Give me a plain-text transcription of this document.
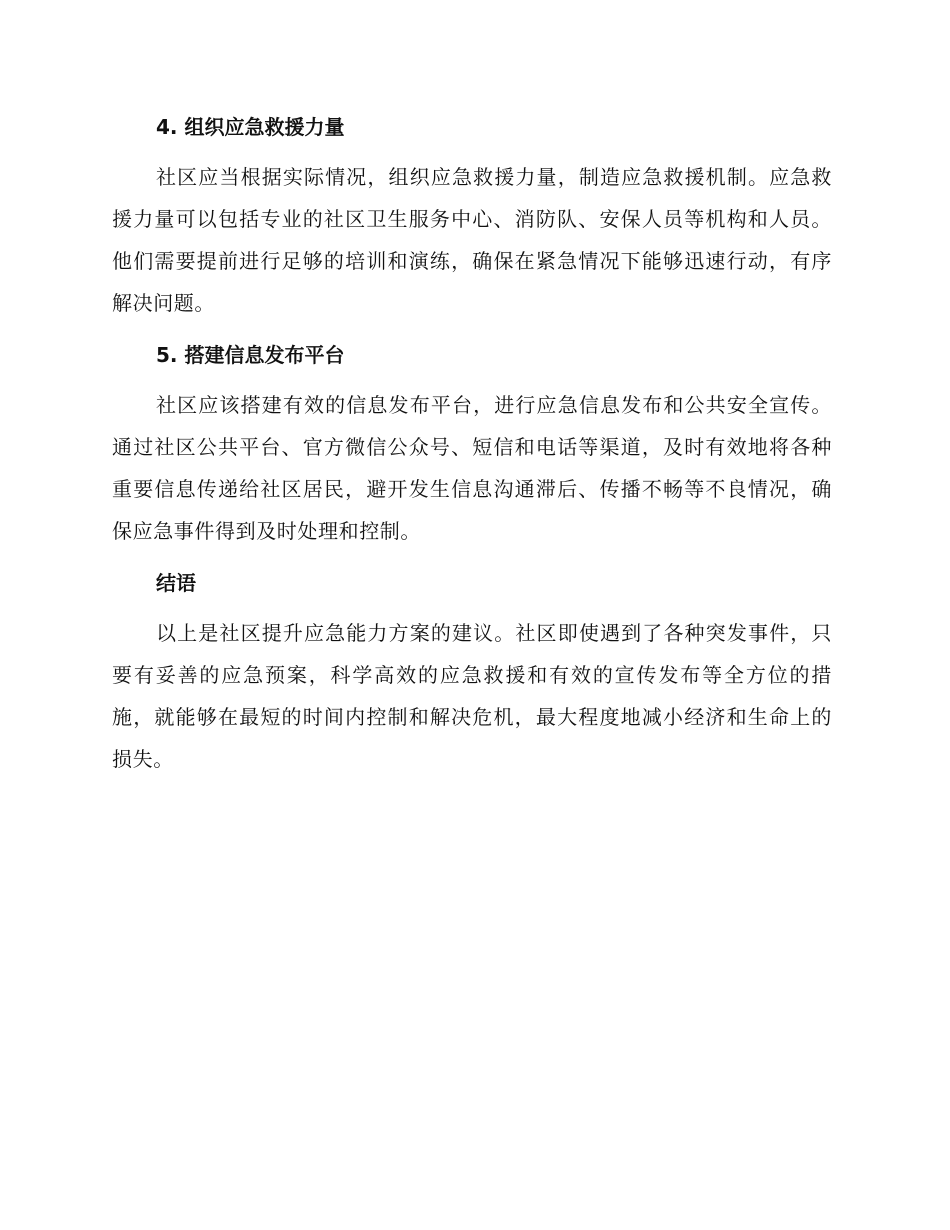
4. 组织应急救援力量

社区应当根据实际情况，组织应急救援力量，制造应急救援机制。应急救援力量可以包括专业的社区卫生服务中心、消防队、安保人员等机构和人员。他们需要提前进行足够的培训和演练，确保在紧急情况下能够迅速行动，有序解决问题。

5. 搭建信息发布平台

社区应该搭建有效的信息发布平台，进行应急信息发布和公共安全宣传。通过社区公共平台、官方微信公众号、短信和电话等渠道，及时有效地将各种重要信息传递给社区居民，避开发生信息沟通滞后、传播不畅等不良情况，确保应急事件得到及时处理和控制。

结语

以上是社区提升应急能力方案的建议。社区即使遇到了各种突发事件，只要有妥善的应急预案，科学高效的应急救援和有效的宣传发布等全方位的措施，就能够在最短的时间内控制和解决危机，最大程度地减小经济和生命上的损失。
